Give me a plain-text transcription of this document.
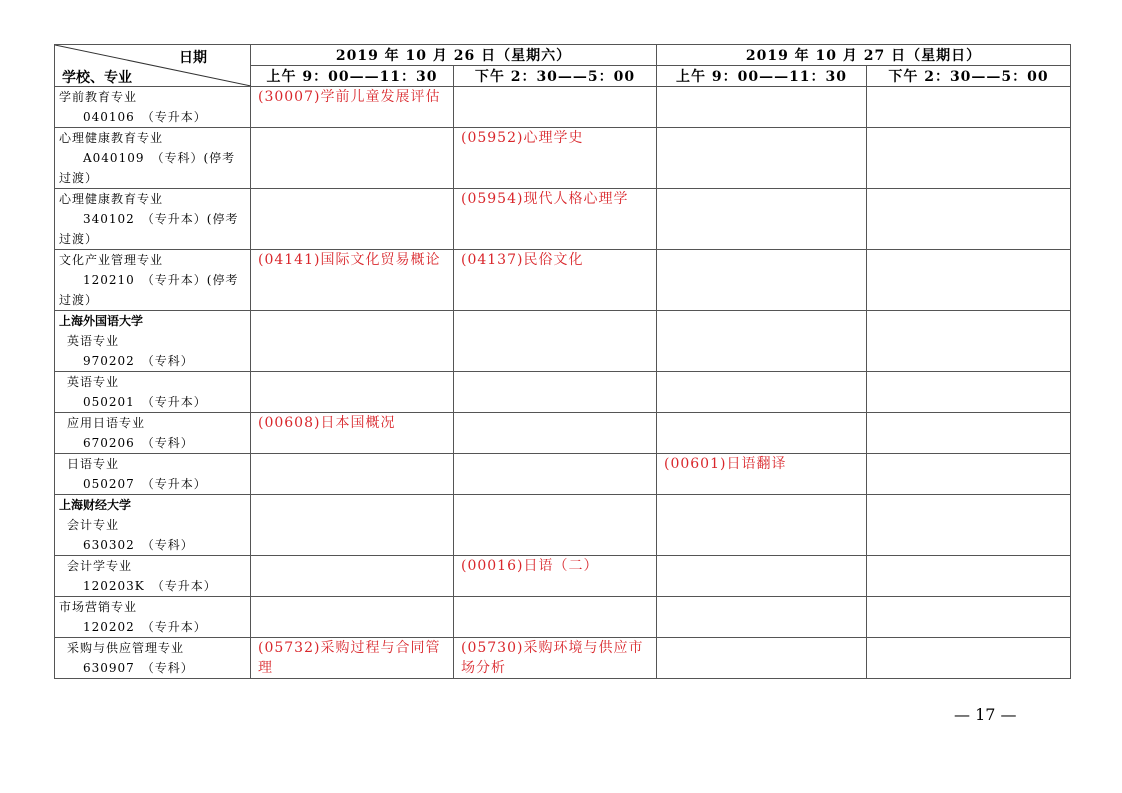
日期
学校、专业	2019 年 10 月 26 日（星期六）		2019 年 10 月 27 日（星期日）	
	上午 9：00——11：30	下午 2：30——5：00	上午 9：00——11：30	下午 2：30——5：00

学前教育专业
040106　（专升本）	(30007)学前儿童发展评估			

心理健康教育专业
A040109　（专科）(停考过渡）		(05952)心理学史		

心理健康教育专业
340102　（专升本）(停考过渡）		(05954)现代人格心理学		

文化产业管理专业
120210　（专升本）(停考过渡）	(04141)国际文化贸易概论	(04137)民俗文化		

上海外国语大学
英语专业
970202　（专科）				

英语专业
050201　（专升本）				

应用日语专业
670206　（专科）	(00608)日本国概况			

日语专业
050207　（专升本）			(00601)日语翻译	

上海财经大学
会计专业
630302　（专科）				

会计学专业
120203K　（专升本）		(00016)日语（二）		

市场营销专业
120202　（专升本）				

采购与供应管理专业
630907　（专科）	(05732)采购过程与合同管理	(05730)采购环境与供应市场分析		
— 17 —
